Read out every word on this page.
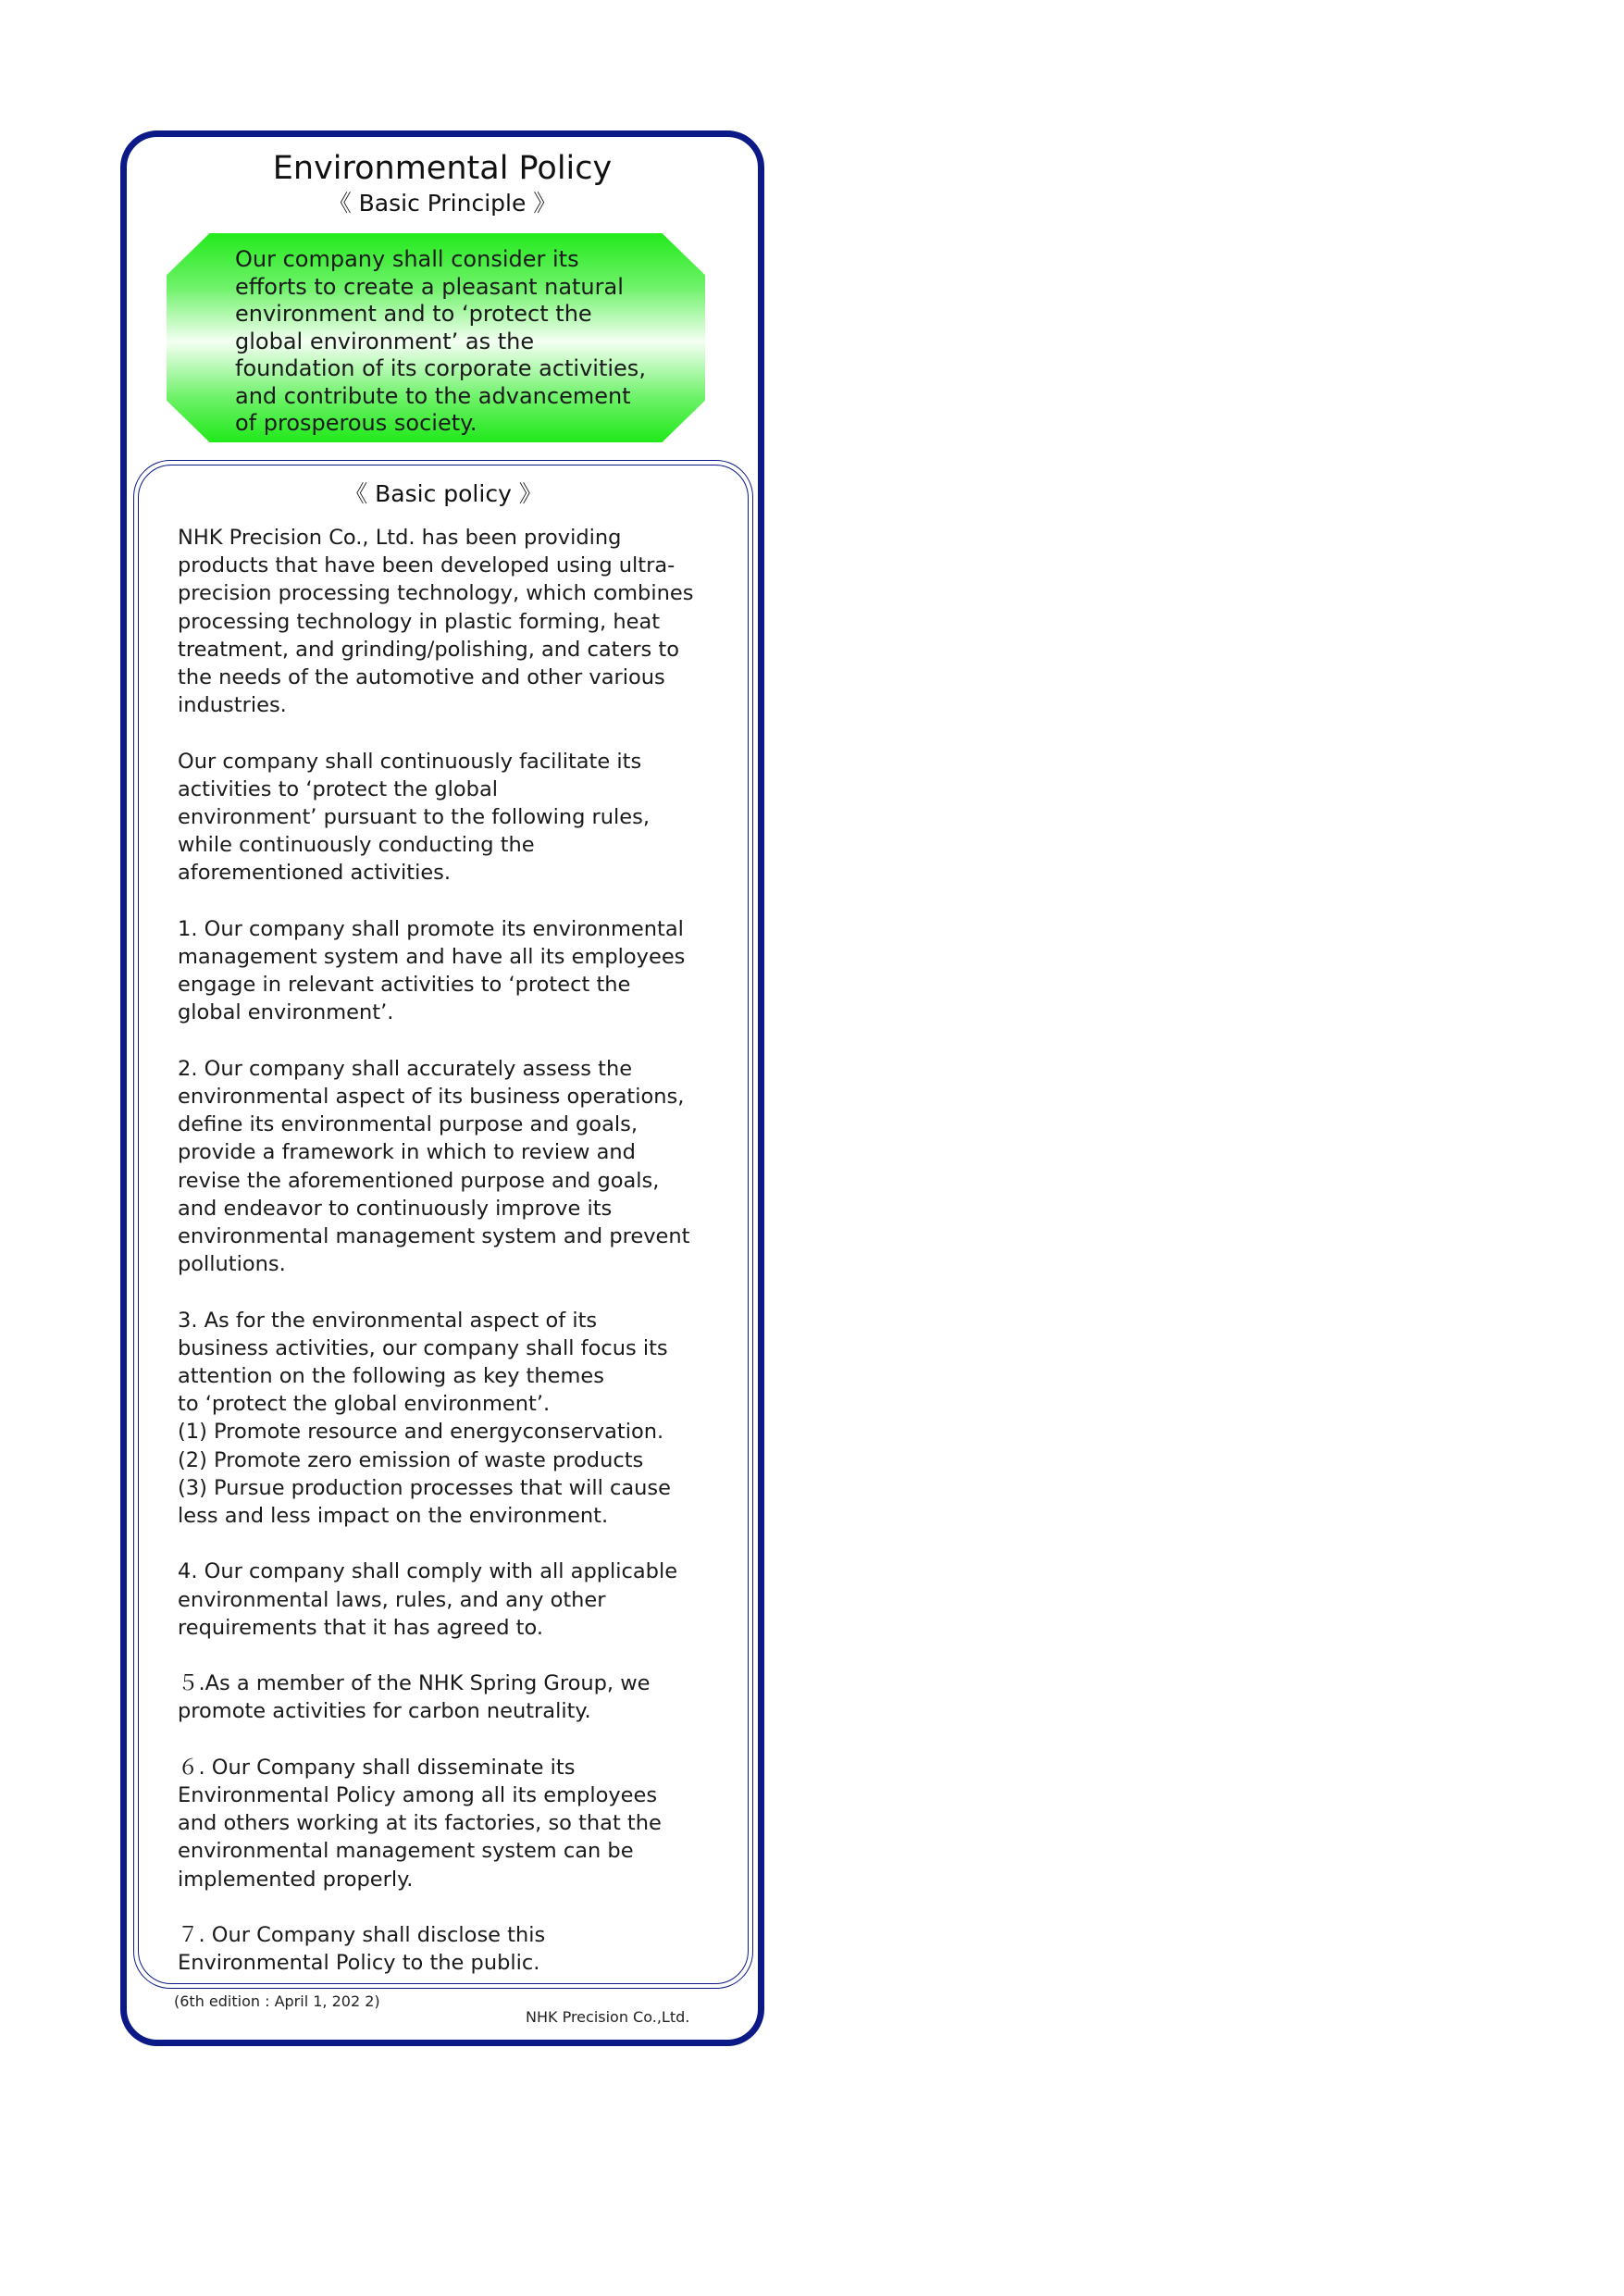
Environmental Policy
《 Basic Principle 》
Our company shall consider its
efforts to create a pleasant natural
environment and to ‘protect the
global environment’ as the
foundation of its corporate activities,
and contribute to the advancement
of prosperous society.
《 Basic policy 》

NHK Precision Co., Ltd. has been providing
products that have been developed using ultra-
precision processing technology, which combines
processing technology in plastic forming, heat
treatment, and grinding/polishing, and caters to
the needs of the automotive and other various
industries.

Our company shall continuously facilitate its
activities to ‘protect the global
environment’ pursuant to the following rules,
while continuously conducting the
aforementioned activities.

1. Our company shall promote its environmental
management system and have all its employees
engage in relevant activities to ‘protect the
global environment’.

2. Our company shall accurately assess the
environmental aspect of its business operations,
define its environmental purpose and goals,
provide a framework in which to review and
revise the aforementioned purpose and goals,
and endeavor to continuously improve its
environmental management system and prevent
pollutions.

3. As for the environmental aspect of its
business activities, our company shall focus its
attention on the following as key themes
to ‘protect the global environment’.
(1) Promote resource and energyconservation.
(2) Promote zero emission of waste products
(3) Pursue production processes that will cause
less and less impact on the environment.

4. Our company shall comply with all applicable
environmental laws, rules, and any other
requirements that it has agreed to.

５.As a member of the NHK Spring Group, we
promote activities for carbon neutrality.

６. Our Company shall disseminate its
Environmental Policy among all its employees
and others working at its factories, so that the
environmental management system can be
implemented properly.

７. Our Company shall disclose this
Environmental Policy to the public.

(6th edition : April 1, 202 2)
NHK Precision Co.,Ltd.
